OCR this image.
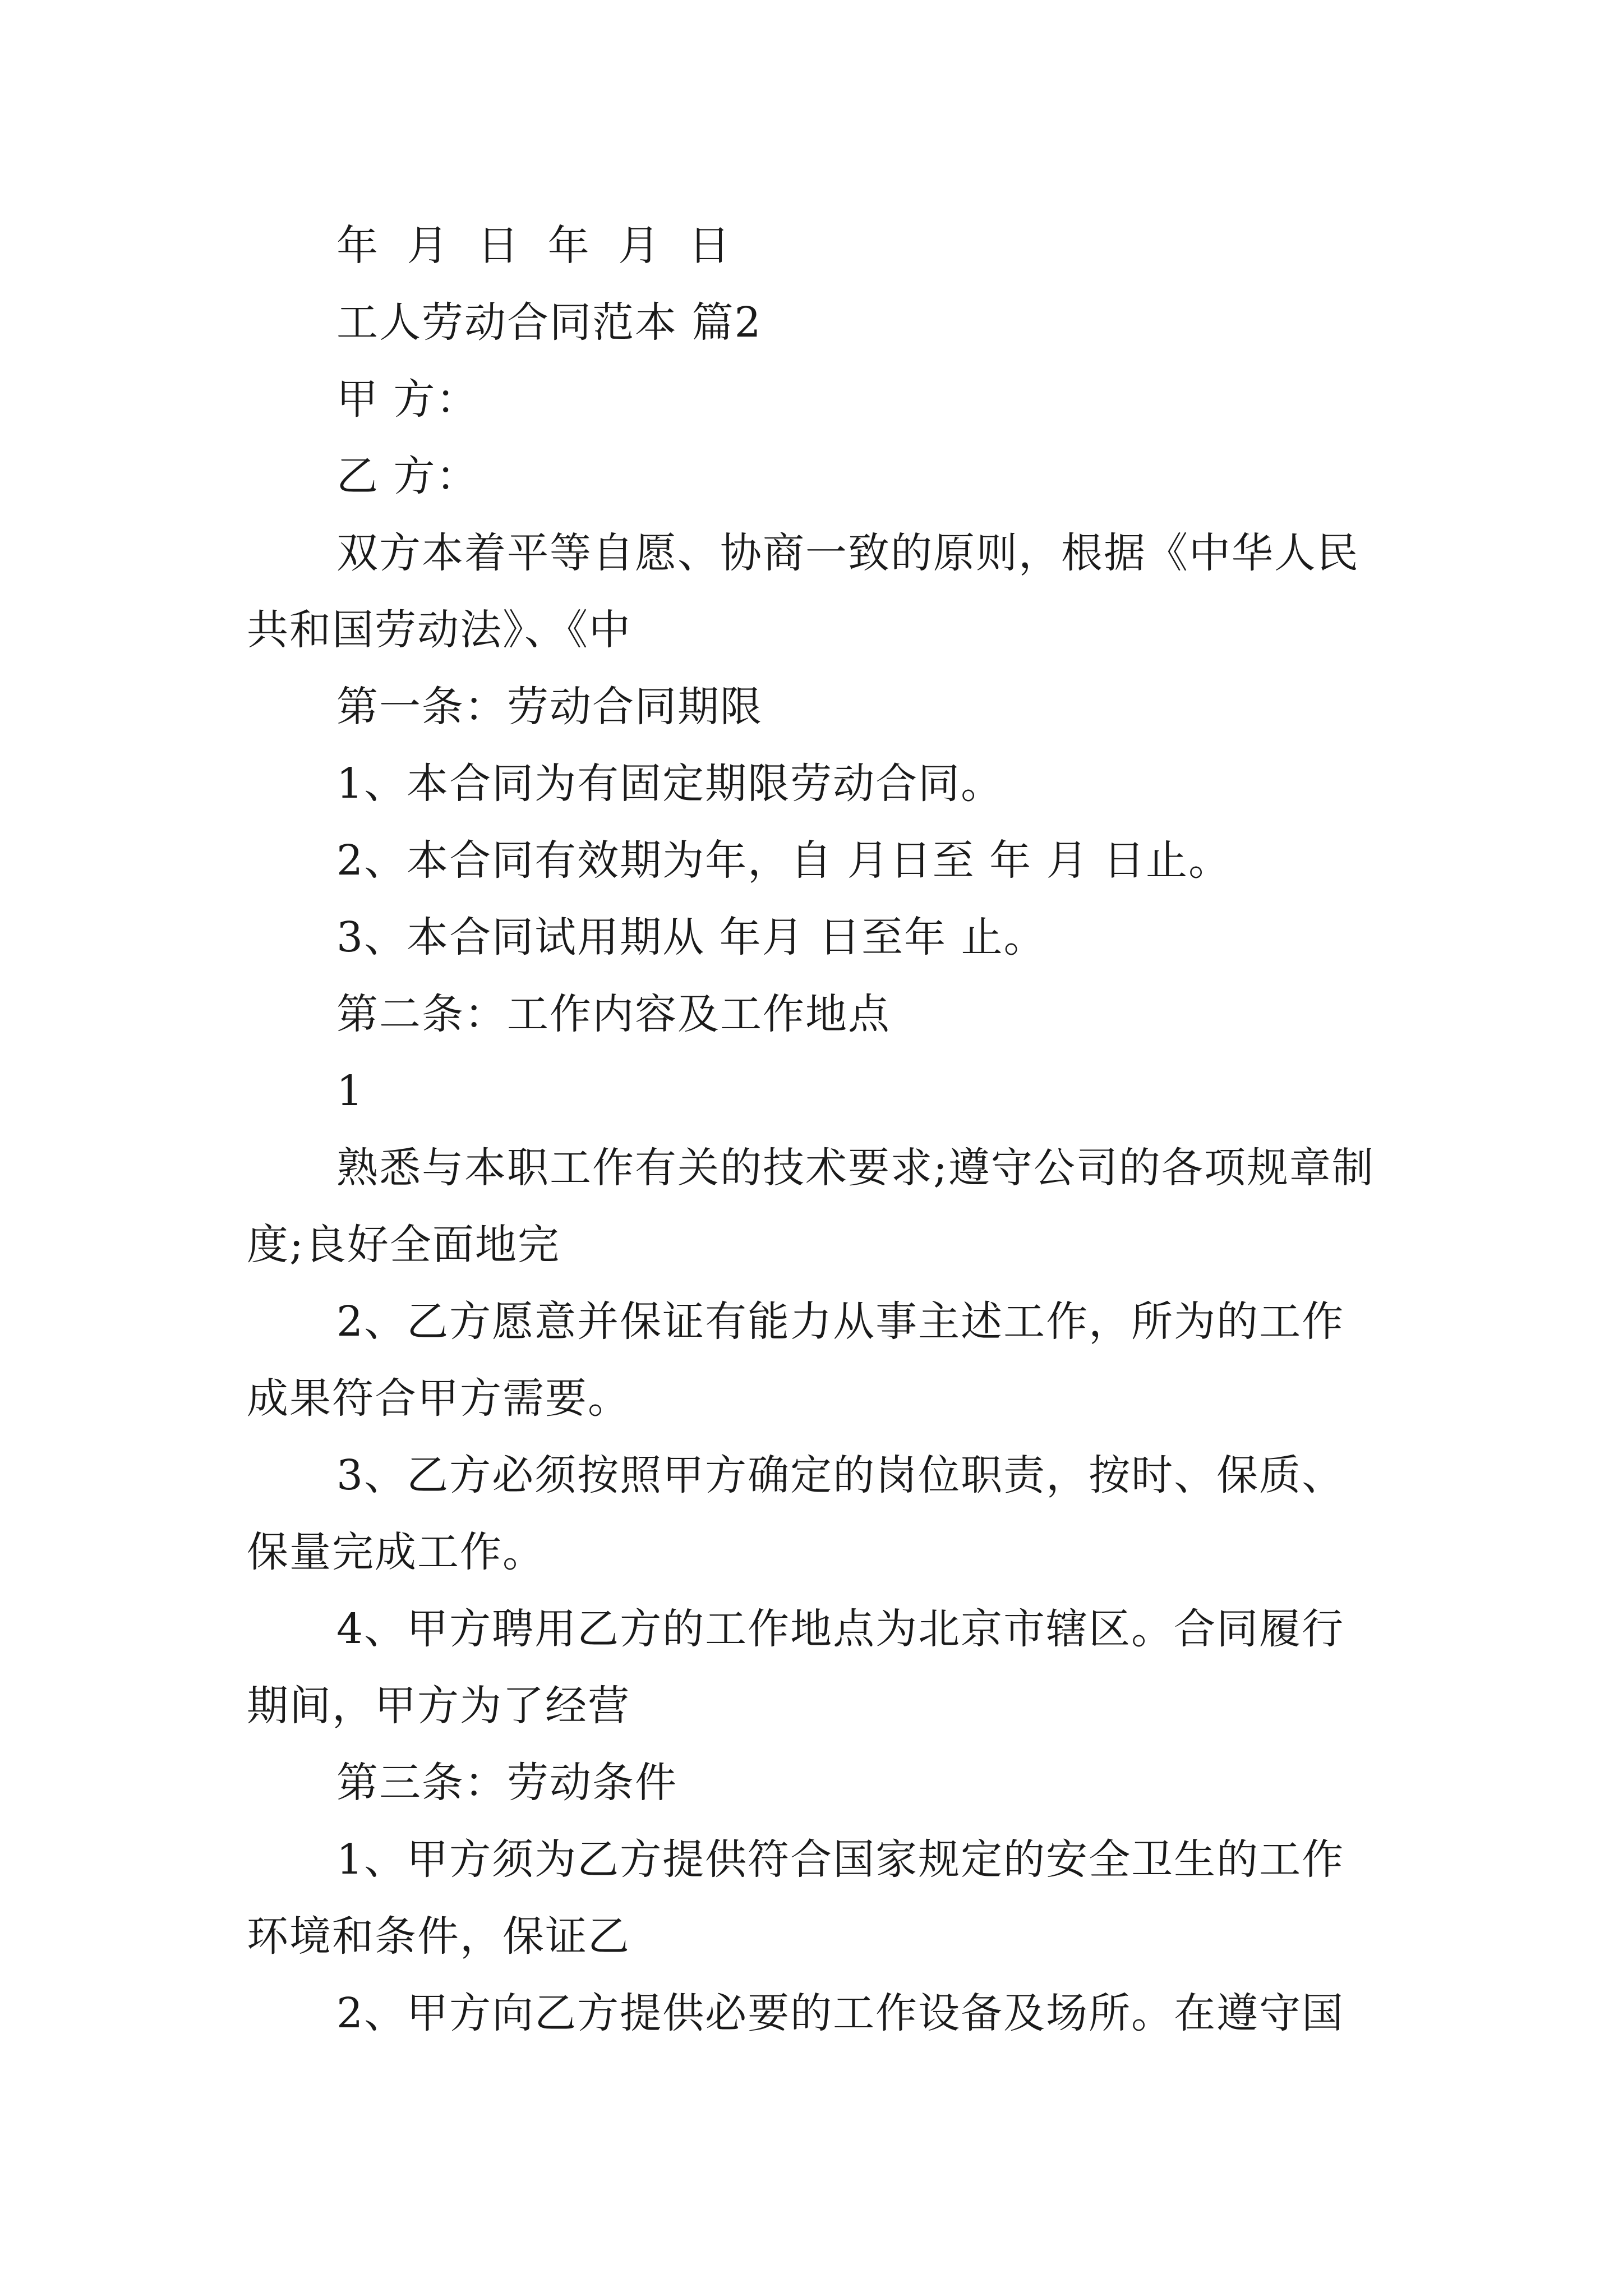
年 月 日 年 月 日

工人劳动合同范本 篇2

甲 方：

乙 方：

双方本着平等自愿、协商一致的原则，根据《中华人民共和国劳动法》、《中

第一条：劳动合同期限

1、本合同为有固定期限劳动合同。

2、本合同有效期为年，自 月日至 年 月 日止。

3、本合同试用期从 年月 日至年 止。

第二条：工作内容及工作地点

1

熟悉与本职工作有关的技术要求;遵守公司的各项规章制度;良好全面地完

2、乙方愿意并保证有能力从事主述工作，所为的工作成果符合甲方需要。

3、乙方必须按照甲方确定的岗位职责，按时、保质、保量完成工作。

4、甲方聘用乙方的工作地点为北京市辖区。合同履行期间，甲方为了经营

第三条：劳动条件

1、甲方须为乙方提供符合国家规定的安全卫生的工作环境和条件，保证乙

2、甲方向乙方提供必要的工作设备及场所。在遵守国
